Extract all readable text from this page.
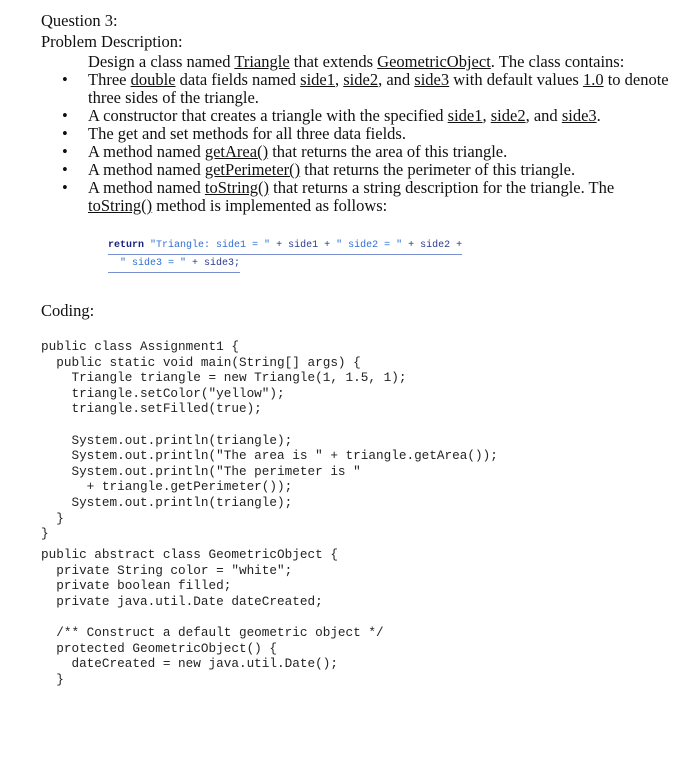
Question 3:
Problem Description:
Design a class named Triangle that extends GeometricObject. The class contains:
• Three double data fields named side1, side2, and side3 with default values 1.0 to denote three sides of the triangle.
• A constructor that creates a triangle with the specified side1, side2, and side3.
• The get and set methods for all three data fields.
• A method named getArea() that returns the area of this triangle.
• A method named getPerimeter() that returns the perimeter of this triangle.
• A method named toString() that returns a string description for the triangle. The toString() method is implemented as follows:
return "Triangle: side1 = " + side1 + " side2 = " + side2 +
" side3 = " + side3;
Coding:
public class Assignment1 {
public static void main(String[] args) {
Triangle triangle = new Triangle(1, 1.5, 1);
triangle.setColor("yellow");
triangle.setFilled(true);

System.out.println(triangle);
System.out.println("The area is " + triangle.getArea());
System.out.println("The perimeter is "
+ triangle.getPerimeter());
System.out.println(triangle);
}
}
public abstract class GeometricObject {
private String color = "white";
private boolean filled;
private java.util.Date dateCreated;

/** Construct a default geometric object */
protected GeometricObject() {
dateCreated = new java.util.Date();
}
